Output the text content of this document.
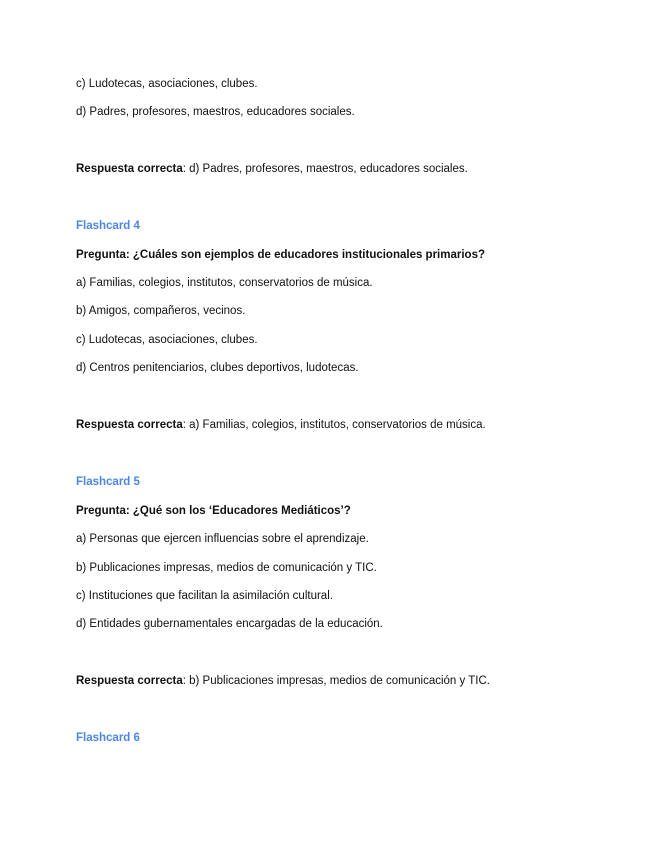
c) Ludotecas, asociaciones, clubes.
d) Padres, profesores, maestros, educadores sociales.
Respuesta correcta: d) Padres, profesores, maestros, educadores sociales.
Flashcard 4
Pregunta: ¿Cuáles son ejemplos de educadores institucionales primarios?
a) Familias, colegios, institutos, conservatorios de música.
b) Amigos, compañeros, vecinos.
c) Ludotecas, asociaciones, clubes.
d) Centros penitenciarios, clubes deportivos, ludotecas.
Respuesta correcta: a) Familias, colegios, institutos, conservatorios de música.
Flashcard 5
Pregunta: ¿Qué son los ‘Educadores Mediáticos’?
a) Personas que ejercen influencias sobre el aprendizaje.
b) Publicaciones impresas, medios de comunicación y TIC.
c) Instituciones que facilitan la asimilación cultural.
d) Entidades gubernamentales encargadas de la educación.
Respuesta correcta: b) Publicaciones impresas, medios de comunicación y TIC.
Flashcard 6
